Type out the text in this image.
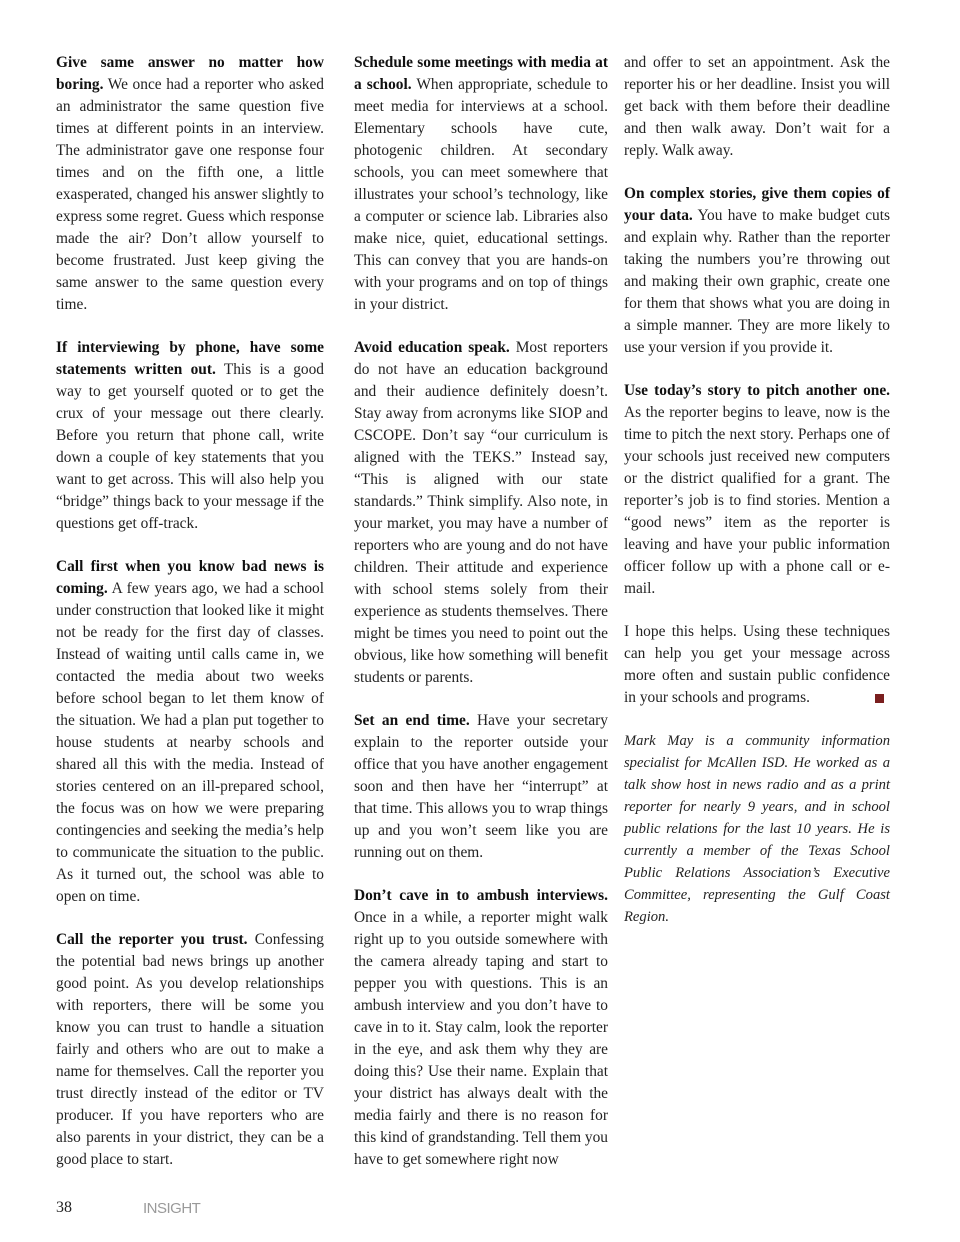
Give same answer no matter how boring. We once had a reporter who asked an administrator the same question five times at different points in an interview. The administrator gave one response four times and on the fifth one, a little exasperated, changed his answer slightly to express some regret. Guess which response made the air? Don’t allow yourself to become frustrated. Just keep giving the same answer to the same question every time.

If interviewing by phone, have some statements written out. This is a good way to get yourself quoted or to get the crux of your message out there clearly. Before you return that phone call, write down a couple of key statements that you want to get across. This will also help you “bridge” things back to your message if the questions get off-track.

Call first when you know bad news is coming. A few years ago, we had a school under construction that looked like it might not be ready for the first day of classes. Instead of waiting until calls came in, we contacted the media about two weeks before school began to let them know of the situation. We had a plan put together to house students at nearby schools and shared all this with the media. Instead of stories centered on an ill-prepared school, the focus was on how we were preparing contingencies and seeking the media’s help to communicate the situation to the public. As it turned out, the school was able to open on time.

Call the reporter you trust. Confessing the potential bad news brings up another good point. As you develop relationships with reporters, there will be some you know you can trust to handle a situation fairly and others who are out to make a name for themselves. Call the reporter you trust directly instead of the editor or TV producer. If you have reporters who are also parents in your district, they can be a good place to start.

Schedule some meetings with media at a school. When appropriate, schedule to meet media for interviews at a school. Elementary schools have cute, photogenic children. At secondary schools, you can meet somewhere that illustrates your school’s technology, like a computer or science lab. Libraries also make nice, quiet, educational settings. This can convey that you are hands-on with your programs and on top of things in your district.

Avoid education speak. Most reporters do not have an education background and their audience definitely doesn’t. Stay away from acronyms like SIOP and CSCOPE. Don’t say “our curriculum is aligned with the TEKS.” Instead say, “This is aligned with our state standards.” Think simplify. Also note, in your market, you may have a number of reporters who are young and do not have children. Their attitude and experience with school stems solely from their experience as students themselves. There might be times you need to point out the obvious, like how something will benefit students or parents.

Set an end time. Have your secretary explain to the reporter outside your office that you have another engagement soon and then have her “interrupt” at that time. This allows you to wrap things up and you won’t seem like you are running out on them.

Don’t cave in to ambush interviews. Once in a while, a reporter might walk right up to you outside somewhere with the camera already taping and start to pepper you with questions. This is an ambush interview and you don’t have to cave in to it. Stay calm, look the reporter in the eye, and ask them why they are doing this? Use their name. Explain that your district has always dealt with the media fairly and there is no reason for this kind of grandstanding. Tell them you have to get somewhere right now

and offer to set an appointment. Ask the reporter his or her deadline. Insist you will get back with them before their deadline and then walk away. Don’t wait for a reply. Walk away.

On complex stories, give them copies of your data. You have to make budget cuts and explain why. Rather than the reporter taking the numbers you’re throwing out and making their own graphic, create one for them that shows what you are doing in a simple manner. They are more likely to use your version if you provide it.

Use today’s story to pitch another one. As the reporter begins to leave, now is the time to pitch the next story. Perhaps one of your schools just received new computers or the district qualified for a grant. The reporter’s job is to find stories. Mention a “good news” item as the reporter is leaving and have your public information officer follow up with a phone call or e-mail.

I hope this helps. Using these techniques can help you get your message across more often and sustain public confidence in your schools and programs.

Mark May is a community information specialist for McAllen ISD. He worked as a talk show host in news radio and as a print reporter for nearly 9 years, and in school public relations for the last 10 years. He is currently a member of the Texas School Public Relations Association’s Executive Committee, representing the Gulf Coast Region.

38	INSIGHT
